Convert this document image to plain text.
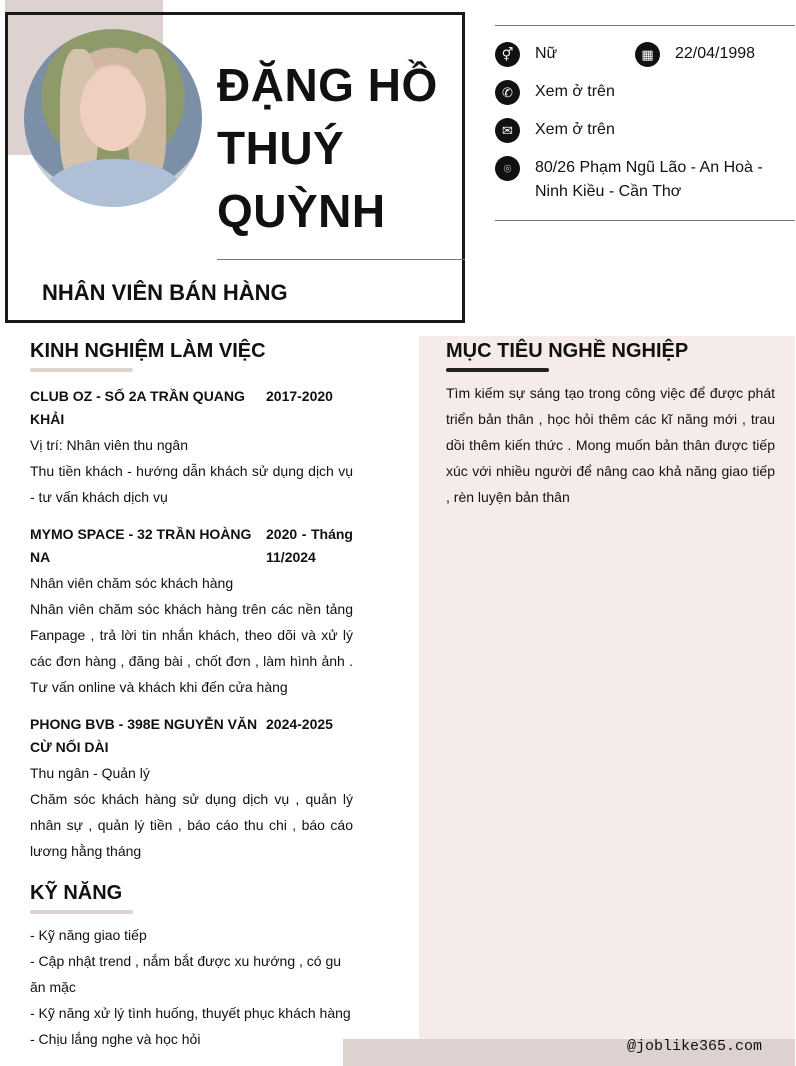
ĐẶNG HỒ
THUÝ
QUỲNH
NHÂN VIÊN BÁN HÀNG
⚥	Nữ	▦	22/04/1998
✆	Xem ở trên
✉	Xem ở trên
⌾	80/26 Phạm Ngũ Lão - An Hoà -
Ninh Kiều - Cần Thơ
MỤC TIÊU NGHỀ NGHIỆP
Tìm kiếm sự sáng tạo trong công việc để được phát triển bản thân , học hỏi thêm các kĩ năng mới , trau dồi thêm kiến thức . Mong muốn bản thân được tiếp xúc với nhiều người để nâng cao khả năng giao tiếp , rèn luyện bản thân
KINH NGHIỆM LÀM VIỆC
CLUB OZ - SỐ 2A TRẦN QUANG KHẢI
2017-2020
Vị trí: Nhân viên thu ngân
Thu tiền khách - hướng dẫn khách sử dụng dịch vụ - tư vấn khách dịch vụ
MYMO SPACE - 32 TRẦN HOÀNG NA
2020 - Tháng 11/2024
Nhân viên chăm sóc khách hàng
Nhân viên chăm sóc khách hàng trên các nền tảng Fanpage , trả lời tin nhắn khách, theo dõi và xử lý các đơn hàng , đăng bài , chốt đơn , làm hình ảnh . Tư vấn online và khách khi đến cửa hàng
PHONG BVB - 398E NGUYỄN VĂN CỪ NỐI DÀI
2024-2025
Thu ngân - Quản lý
Chăm sóc khách hàng sử dụng dịch vụ , quản lý nhân sự , quản lý tiền , báo cáo thu chi , báo cáo lương hằng tháng
KỸ NĂNG
- Kỹ năng giao tiếp
- Cập nhật trend , nắm bắt được xu hướng , có gu ăn mặc
- Kỹ năng xử lý tình huống, thuyết phục khách hàng
- Chịu lắng nghe và học hỏi	@joblike365.com
